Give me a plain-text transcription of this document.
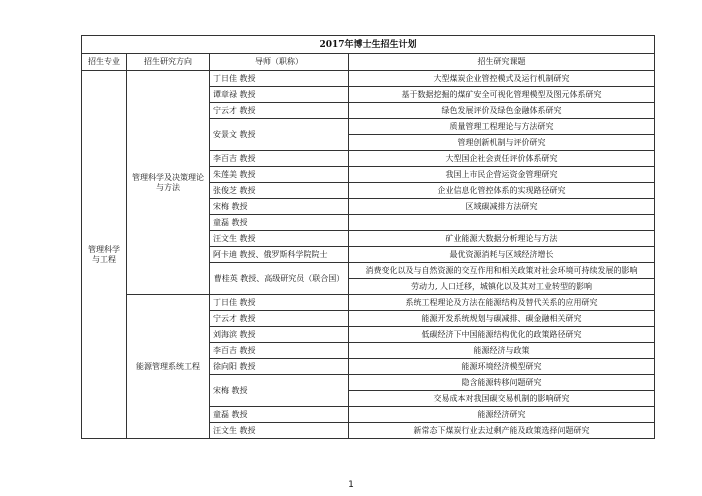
2017年博士生招生计划			
招生专业	招生研究方向	导师（职称）	招生研究课题
管理科学与工程	管理科学及决策理论与方法	丁日佳 教授	大型煤炭企业管控模式及运行机制研究
		谭章禄 教授	基于数据挖掘的煤矿安全可视化管理模型及图元体系研究
		宁云才 教授	绿色发展评价及绿色金融体系研究
		安景文 教授	质量管理工程理论与方法研究
			管理创新机制与评价研究
		李百吉 教授	大型国企社会责任评价体系研究
		朱莲美 教授	我国上市民企营运资金管理研究
		张俊芝 教授	企业信息化管控体系的实现路径研究
		宋梅 教授	区域碳减排方法研究
		童磊 教授	
		汪文生 教授	矿业能源大数据分析理论与方法
		阿卡迪 教授、俄罗斯科学院院士	最优资源消耗与区域经济增长
		曹桂英 教授、高级研究员（联合国）	消费变化以及与自然资源的交互作用和相关政策对社会环境可持续发展的影响
			劳动力, 人口迁移，城镇化以及其对工业转型的影响
	能源管理系统工程	丁日佳 教授	系统工程理论及方法在能源结构及替代关系的应用研究
		宁云才 教授	能源开发系统规划与碳减排、碳金融相关研究
		刘海滨 教授	低碳经济下中国能源结构优化的政策路径研究
		李百吉 教授	能源经济与政策
		徐向阳 教授	能源环境经济模型研究
		宋梅 教授	隐含能源转移问题研究
			交易成本对我国碳交易机制的影响研究
		童磊 教授	能源经济研究
		汪文生 教授	新常态下煤炭行业去过剩产能及政策选择问题研究
1
